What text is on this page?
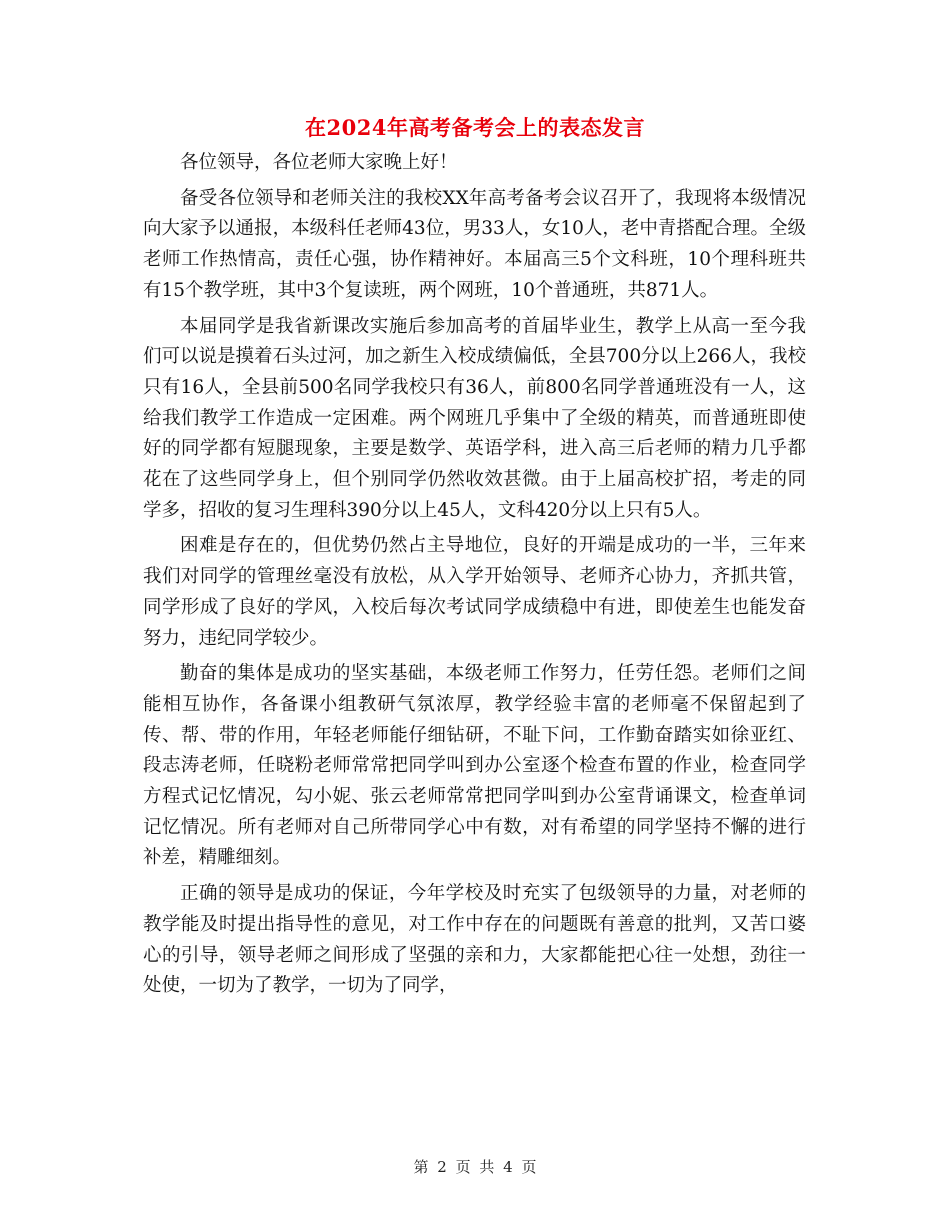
在2024年高考备考会上的表态发言

各位领导，各位老师大家晚上好！

备受各位领导和老师关注的我校XX年高考备考会议召开了，我现将本级情况向大家予以通报，本级科任老师43位，男33人，女10人，老中青搭配合理。全级老师工作热情高，责任心强，协作精神好。本届高三5个文科班，10个理科班共有15个教学班，其中3个复读班，两个网班，10个普通班，共871人。

本届同学是我省新课改实施后参加高考的首届毕业生，教学上从高一至今我们可以说是摸着石头过河，加之新生入校成绩偏低，全县700分以上266人，我校只有16人，全县前500名同学我校只有36人，前800名同学普通班没有一人，这给我们教学工作造成一定困难。两个网班几乎集中了全级的精英，而普通班即使好的同学都有短腿现象，主要是数学、英语学科，进入高三后老师的精力几乎都花在了这些同学身上，但个别同学仍然收效甚微。由于上届高校扩招，考走的同学多，招收的复习生理科390分以上45人，文科420分以上只有5人。

困难是存在的，但优势仍然占主导地位，良好的开端是成功的一半，三年来我们对同学的管理丝毫没有放松，从入学开始领导、老师齐心协力，齐抓共管，同学形成了良好的学风，入校后每次考试同学成绩稳中有进，即使差生也能发奋努力，违纪同学较少。

勤奋的集体是成功的坚实基础，本级老师工作努力，任劳任怨。老师们之间能相互协作，各备课小组教研气氛浓厚，教学经验丰富的老师毫不保留起到了传、帮、带的作用，年轻老师能仔细钻研，不耻下问，工作勤奋踏实如徐亚红、段志涛老师，任晓粉老师常常把同学叫到办公室逐个检查布置的作业，检查同学方程式记忆情况，勾小妮、张云老师常常把同学叫到办公室背诵课文，检查单词记忆情况。所有老师对自己所带同学心中有数，对有希望的同学坚持不懈的进行补差，精雕细刻。

正确的领导是成功的保证，今年学校及时充实了包级领导的力量，对老师的教学能及时提出指导性的意见，对工作中存在的问题既有善意的批判，又苦口婆心的引导，领导老师之间形成了坚强的亲和力，大家都能把心往一处想，劲往一处使，一切为了教学，一切为了同学，

第 2 页 共 4 页
